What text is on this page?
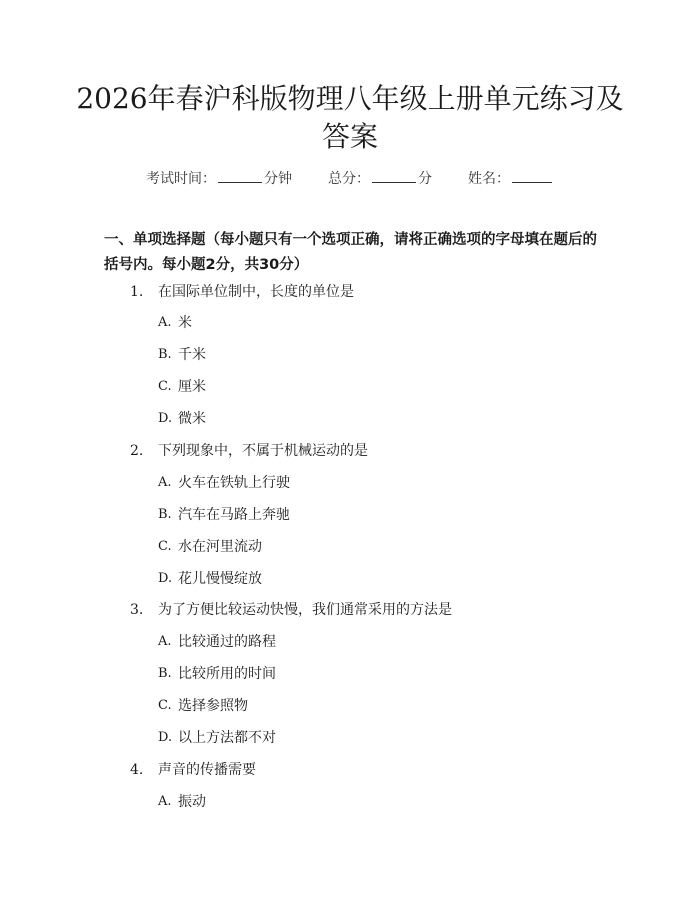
2026年春沪科版物理八年级上册单元练习及
答案
考试时间：	分钟	总分：	分	姓名：

一、单项选择题（每小题只有一个选项正确，请将正确选项的字母填在题后的括号内。每小题2分，共30分）

1.	在国际单位制中，长度的单位是
A. 米
B. 千米
C. 厘米
D. 微米
2.	下列现象中，不属于机械运动的是
A. 火车在铁轨上行驶
B. 汽车在马路上奔驰
C. 水在河里流动
D. 花儿慢慢绽放
3.	为了方便比较运动快慢，我们通常采用的方法是
A. 比较通过的路程
B. 比较所用的时间
C. 选择参照物
D. 以上方法都不对
4.	声音的传播需要
A. 振动
